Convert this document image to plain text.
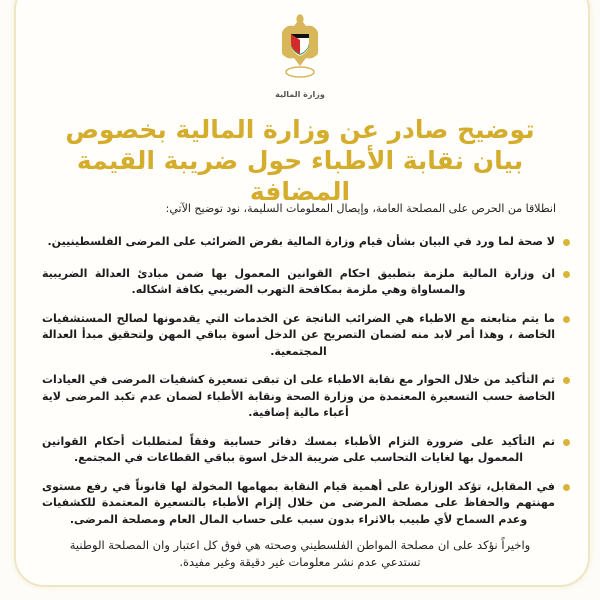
وزارة المالية
توضيح صادر عن وزارة المالية بخصوص
بيان نقابة الأطباء حول ضريبة القيمة المضافة
انطلاقا من الحرص على المصلحة العامة، وإيصال المعلومات السليمة، نود توضيح الآتي:
لا صحة لما ورد في البيان بشأن قيام وزارة المالية بفرض الضرائب على المرضى الفلسطينيين.
ان وزارة المالية ملزمة بتطبيق احكام القوانين المعمول بها ضمن مبادئ العدالة الضريبية والمساواة وهي ملزمة بمكافحة التهرب الضريبي بكافة اشكاله.
ما يتم متابعته مع الاطباء هي الضرائب الناتجة عن الخدمات التي يقدمونها لصالح المستشفيات الخاصة ، وهذا أمر لابد منه لضمان التصريح عن الدخل أسوة بباقي المهن ولتحقيق مبدأ العدالة المجتمعية.
تم التأكيد من خلال الحوار مع نقابة الاطباء على ان تبقى تسعيرة كشفيات المرضى في العيادات الخاصة حسب التسعيرة المعتمدة من وزارة الصحة ونقابة الأطباء لضمان عدم تكبد المرضى لاية أعباء مالية إضافية.
تم التأكيد على ضرورة التزام الأطباء بمسك دفاتر حسابية وفقاً لمتطلبات أحكام القوانين المعمول بها لغايات التحاسب على ضريبة الدخل اسوة بباقي القطاعات في المجتمع.
في المقابل، تؤكد الوزارة على أهمية قيام النقابة بمهامها المخولة لها قانوناً في رفع مستوى مهنتهم والحفاظ على مصلحة المرضى من خلال إلزام الأطباء بالتسعيرة المعتمدة للكشفيات وعدم السماح لأي طبيب بالاثراء بدون سبب على حساب المال العام ومصلحة المرضى.
واخيراً نؤكد على ان مصلحة المواطن الفلسطيني وصحته هي فوق كل اعتبار وان المصلحة الوطنية تستدعي عدم نشر معلومات غير دقيقة وغير مفيدة.
